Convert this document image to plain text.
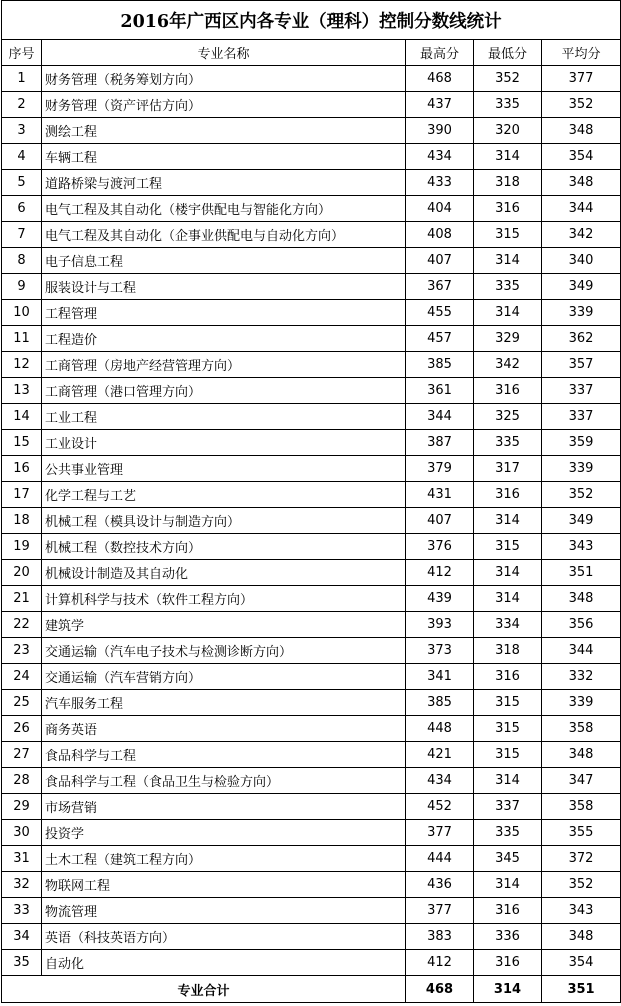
2016年广西区内各专业（理科）控制分数线统计				
序号	专业名称	最高分	最低分	平均分
1	财务管理（税务筹划方向）	468	352	377
2	财务管理（资产评估方向）	437	335	352
3	测绘工程	390	320	348
4	车辆工程	434	314	354
5	道路桥梁与渡河工程	433	318	348
6	电气工程及其自动化（楼宇供配电与智能化方向）	404	316	344
7	电气工程及其自动化（企事业供配电与自动化方向）	408	315	342
8	电子信息工程	407	314	340
9	服装设计与工程	367	335	349
10	工程管理	455	314	339
11	工程造价	457	329	362
12	工商管理（房地产经营管理方向）	385	342	357
13	工商管理（港口管理方向）	361	316	337
14	工业工程	344	325	337
15	工业设计	387	335	359
16	公共事业管理	379	317	339
17	化学工程与工艺	431	316	352
18	机械工程（模具设计与制造方向）	407	314	349
19	机械工程（数控技术方向）	376	315	343
20	机械设计制造及其自动化	412	314	351
21	计算机科学与技术（软件工程方向）	439	314	348
22	建筑学	393	334	356
23	交通运输（汽车电子技术与检测诊断方向）	373	318	344
24	交通运输（汽车营销方向）	341	316	332
25	汽车服务工程	385	315	339
26	商务英语	448	315	358
27	食品科学与工程	421	315	348
28	食品科学与工程（食品卫生与检验方向）	434	314	347
29	市场营销	452	337	358
30	投资学	377	335	355
31	土木工程（建筑工程方向）	444	345	372
32	物联网工程	436	314	352
33	物流管理	377	316	343
34	英语（科技英语方向）	383	336	348
35	自动化	412	316	354
专业合计		468	314	351
